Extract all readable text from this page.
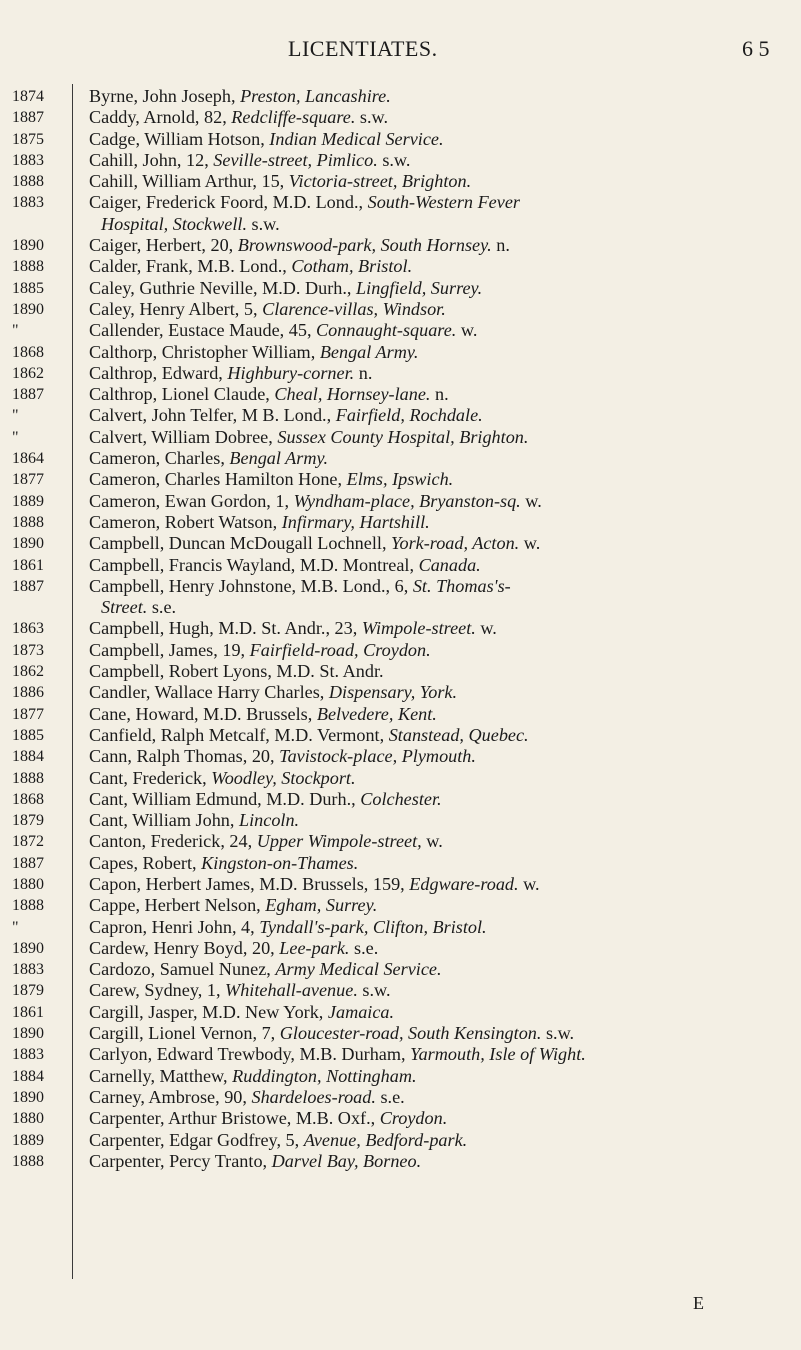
LICENTIATES.	6 5
1874	Byrne, John Joseph, Preston, Lancashire.
1887	Caddy, Arnold, 82, Redcliffe-square. s.w.
1875	Cadge, William Hotson, Indian Medical Service.
1883	Cahill, John, 12, Seville-street, Pimlico. s.w.
1888	Cahill, William Arthur, 15, Victoria-street, Brighton.
1883	Caiger, Frederick Foord, M.D. Lond., South-Western Fever
Hospital, Stockwell. s.w.
1890	Caiger, Herbert, 20, Brownswood-park, South Hornsey. n.
1888	Calder, Frank, M.B. Lond., Cotham, Bristol.
1885	Caley, Guthrie Neville, M.D. Durh., Lingfield, Surrey.
1890	Caley, Henry Albert, 5, Clarence-villas, Windsor.
"	Callender, Eustace Maude, 45, Connaught-square. w.
1868	Calthorp, Christopher William, Bengal Army.
1862	Calthrop, Edward, Highbury-corner. n.
1887	Calthrop, Lionel Claude, Cheal, Hornsey-lane. n.
"	Calvert, John Telfer, M B. Lond., Fairfield, Rochdale.
"	Calvert, William Dobree, Sussex County Hospital, Brighton.
1864	Cameron, Charles, Bengal Army.
1877	Cameron, Charles Hamilton Hone, Elms, Ipswich.
1889	Cameron, Ewan Gordon, 1, Wyndham-place, Bryanston-sq. w.
1888	Cameron, Robert Watson, Infirmary, Hartshill.
1890	Campbell, Duncan McDougall Lochnell, York-road, Acton. w.
1861	Campbell, Francis Wayland, M.D. Montreal, Canada.
1887	Campbell, Henry Johnstone, M.B. Lond., 6, St. Thomas's-
Street. s.e.
1863	Campbell, Hugh, M.D. St. Andr., 23, Wimpole-street. w.
1873	Campbell, James, 19, Fairfield-road, Croydon.
1862	Campbell, Robert Lyons, M.D. St. Andr.
1886	Candler, Wallace Harry Charles, Dispensary, York.
1877	Cane, Howard, M.D. Brussels, Belvedere, Kent.
1885	Canfield, Ralph Metcalf, M.D. Vermont, Stanstead, Quebec.
1884	Cann, Ralph Thomas, 20, Tavistock-place, Plymouth.
1888	Cant, Frederick, Woodley, Stockport.
1868	Cant, William Edmund, M.D. Durh., Colchester.
1879	Cant, William John, Lincoln.
1872	Canton, Frederick, 24, Upper Wimpole-street, w.
1887	Capes, Robert, Kingston-on-Thames.
1880	Capon, Herbert James, M.D. Brussels, 159, Edgware-road. w.
1888	Cappe, Herbert Nelson, Egham, Surrey.
"	Capron, Henri John, 4, Tyndall's-park, Clifton, Bristol.
1890	Cardew, Henry Boyd, 20, Lee-park. s.e.
1883	Cardozo, Samuel Nunez, Army Medical Service.
1879	Carew, Sydney, 1, Whitehall-avenue. s.w.
1861	Cargill, Jasper, M.D. New York, Jamaica.
1890	Cargill, Lionel Vernon, 7, Gloucester-road, South Kensington. s.w.
1883	Carlyon, Edward Trewbody, M.B. Durham, Yarmouth, Isle of Wight.
1884	Carnelly, Matthew, Ruddington, Nottingham.
1890	Carney, Ambrose, 90, Shardeloes-road. s.e.
1880	Carpenter, Arthur Bristowe, M.B. Oxf., Croydon.
1889	Carpenter, Edgar Godfrey, 5, Avenue, Bedford-park.
1888	Carpenter, Percy Tranto, Darvel Bay, Borneo.
E
